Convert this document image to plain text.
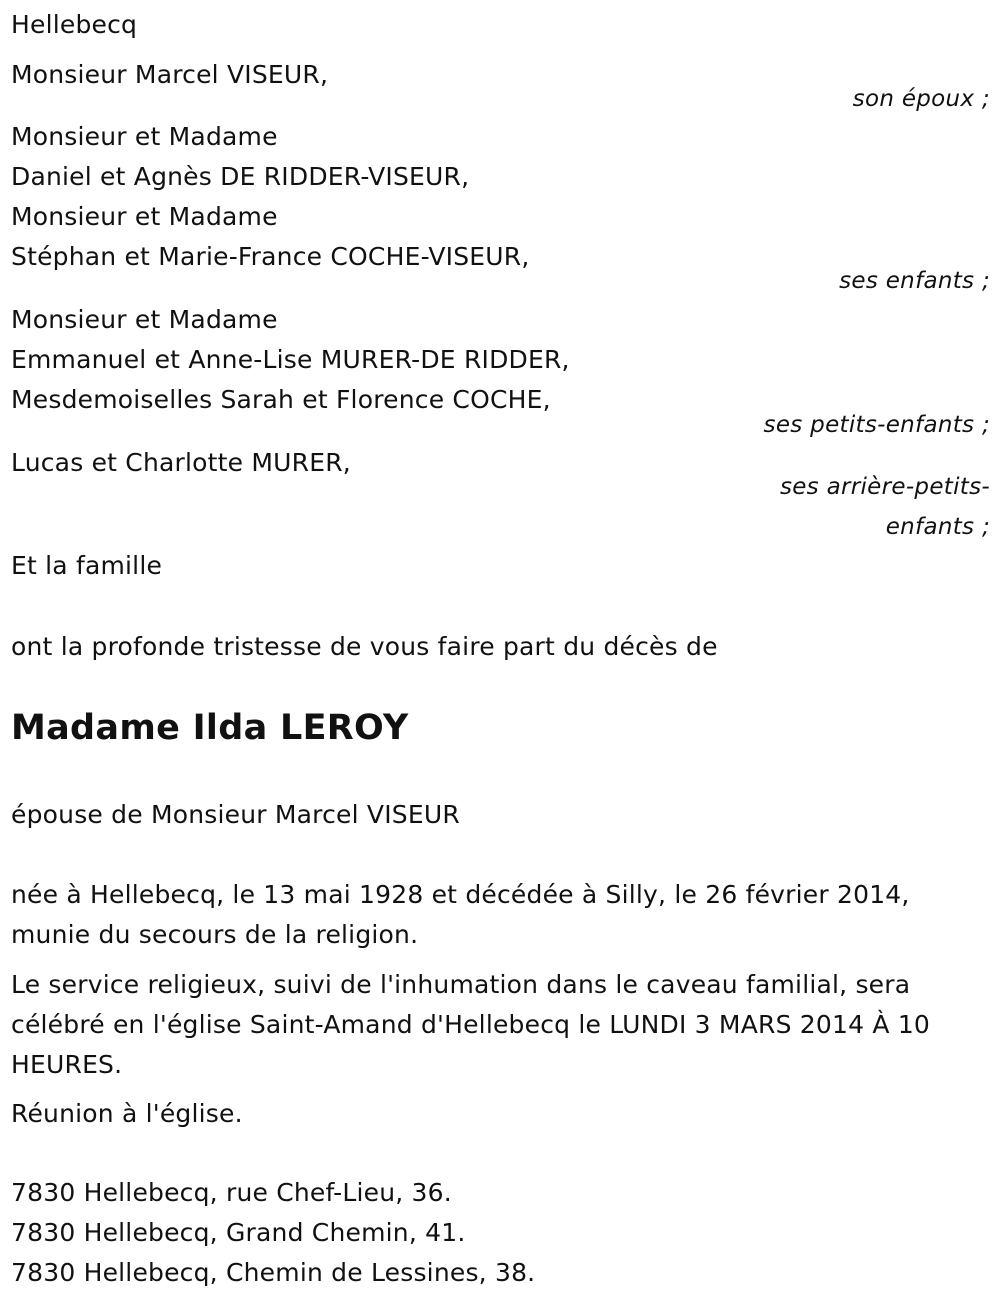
Hellebecq

Monsieur Marcel VISEUR,

son époux ;

Monsieur et Madame

Daniel et Agnès DE RIDDER-VISEUR,

Monsieur et Madame

Stéphan et Marie-France COCHE-VISEUR,

ses enfants ;

Monsieur et Madame

Emmanuel et Anne-Lise MURER-DE RIDDER,

Mesdemoiselles Sarah et Florence COCHE,

ses petits-enfants ;

Lucas et Charlotte MURER,

ses arrière-petits-

enfants ;

Et la famille

ont la profonde tristesse de vous faire part du décès de

Madame Ilda LEROY

épouse de Monsieur Marcel VISEUR

née à Hellebecq, le 13 mai 1928 et décédée à Silly, le 26 février 2014,

munie du secours de la religion.

Le service religieux, suivi de l'inhumation dans le caveau familial, sera

célébré en l'église Saint-Amand d'Hellebecq le LUNDI 3 MARS 2014 À 10

HEURES.

Réunion à l'église.

7830 Hellebecq, rue Chef-Lieu, 36.

7830 Hellebecq, Grand Chemin, 41.

7830 Hellebecq, Chemin de Lessines, 38.
